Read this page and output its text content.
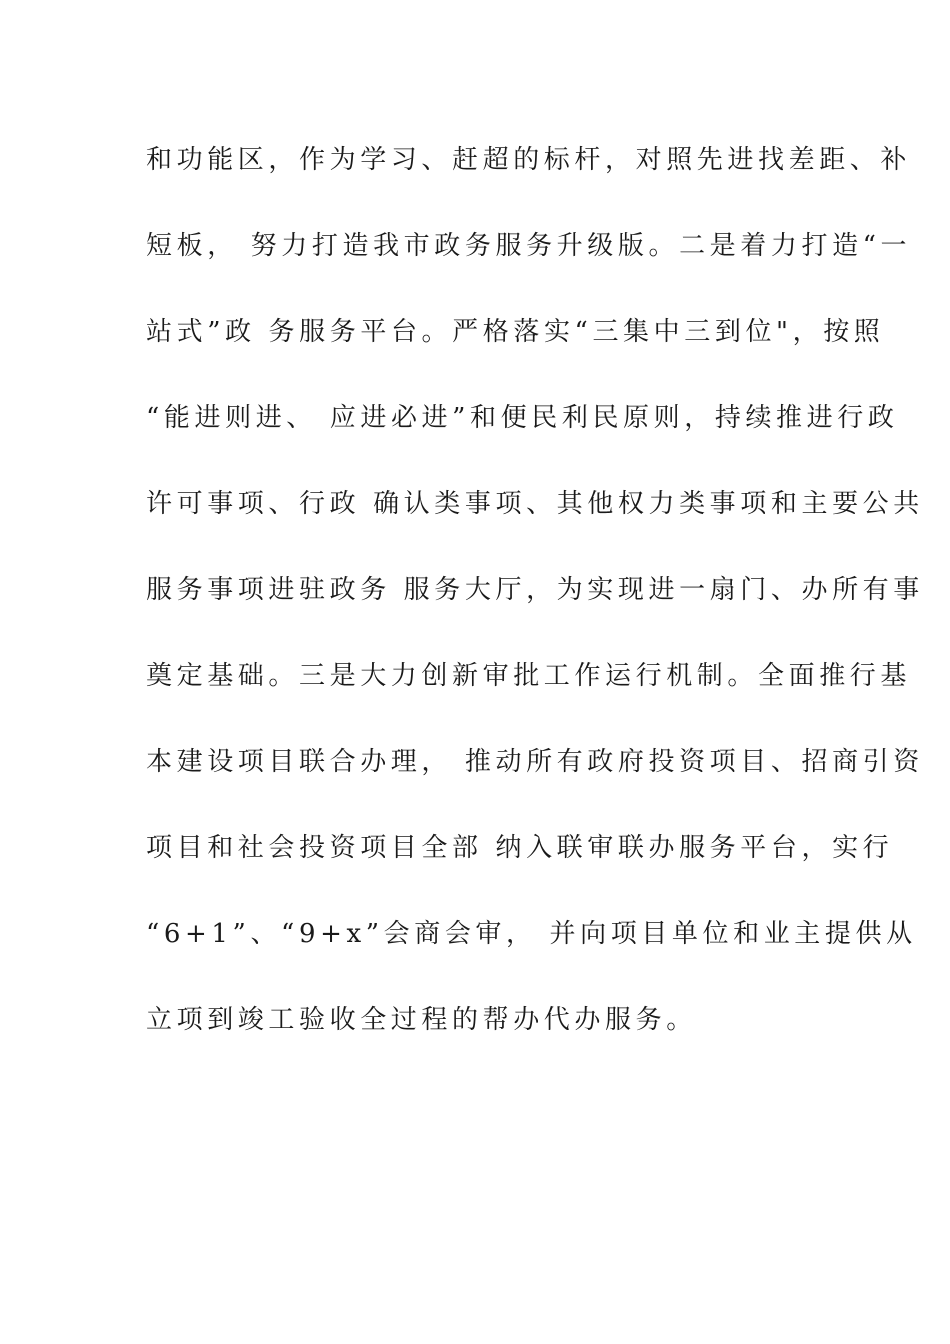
和功能区，作为学习、赶超的标杆，对照先进找差距、补
短板， 努力打造我市政务服务升级版。二是着力打造“一
站式”政 务服务平台。严格落实“三集中三到位"，按照
“能进则进、 应进必进”和便民利民原则，持续推进行政
许可事项、行政 确认类事项、其他权力类事项和主要公共
服务事项进驻政务 服务大厅，为实现进一扇门、办所有事
奠定基础。三是大力创新审批工作运行机制。全面推行基
本建设项目联合办理， 推动所有政府投资项目、招商引资
项目和社会投资项目全部 纳入联审联办服务平台，实行
“6+1”、“9+x”会商会审， 并向项目单位和业主提供从
立项到竣工验收全过程的帮办代办服务。
